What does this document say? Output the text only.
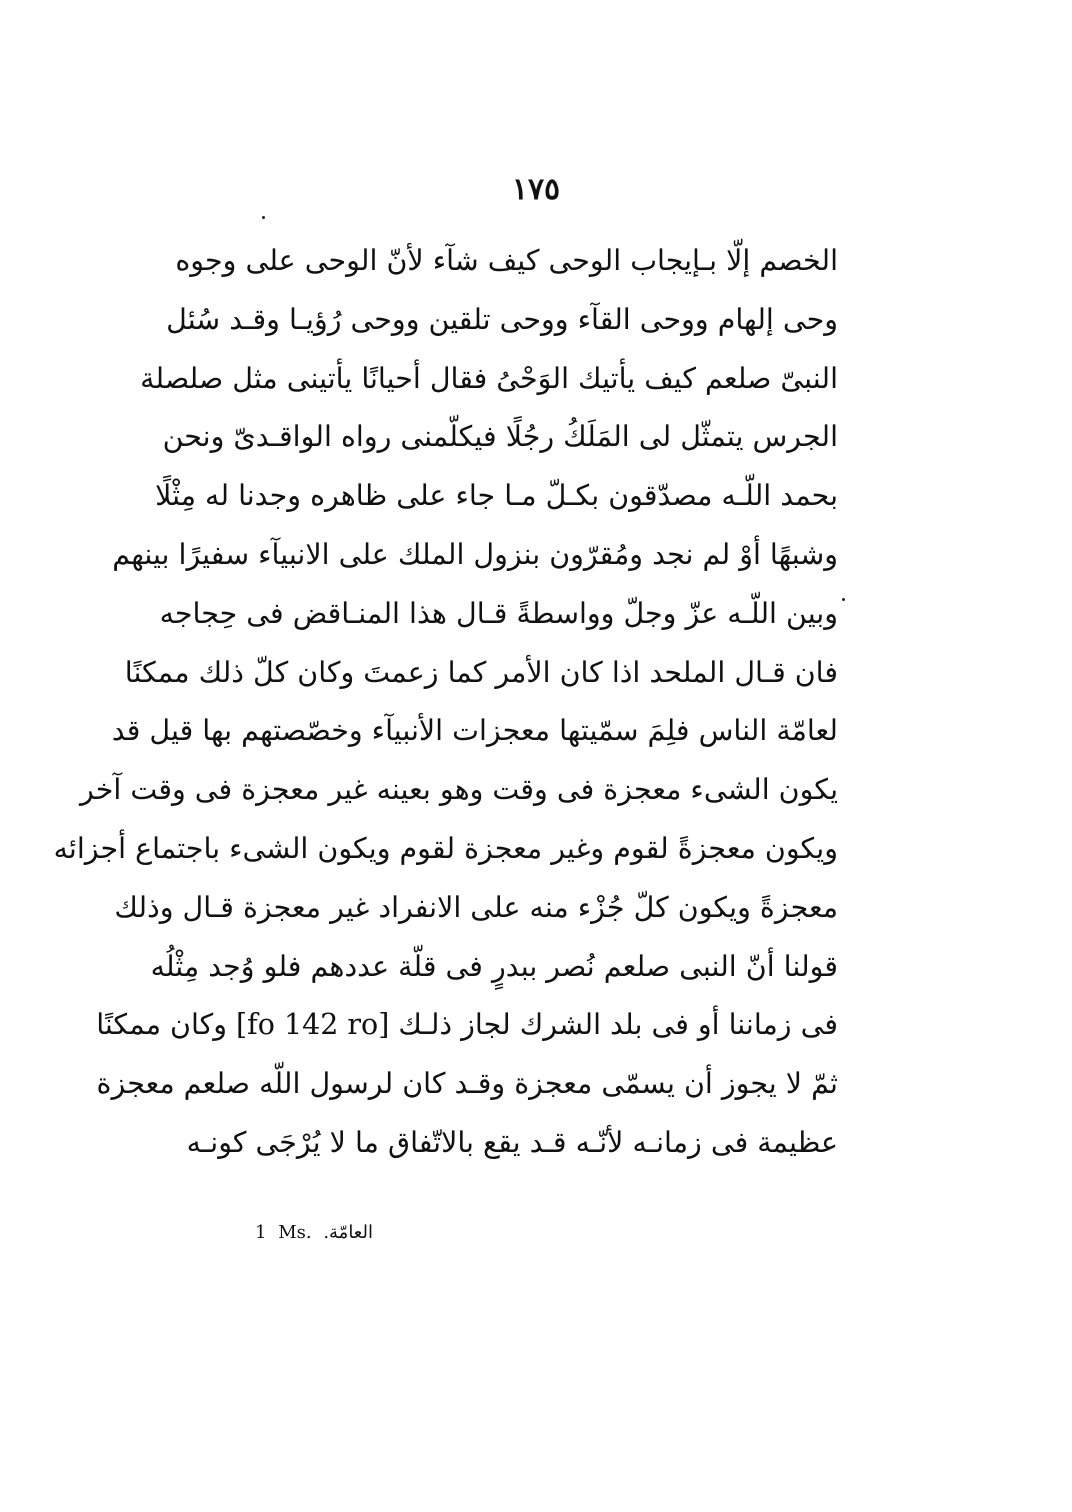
١٧٥
الخصم إلّا بـإيجاب الوحى كيف شآء لأنّ الوحى على وجوه
وحى إلهام ووحى القآء ووحى تلقين ووحى رُؤيـا وقـد سُئل
النبىّ صلعم كيف يأتيك الوَحْىُ فقال أحيانًا يأتينى مثل صلصلة
الجرس يتمثّل لى المَلَكُ رجُلًا فيكلّمنى رواه الواقـدىّ ونحن
بحمد اللّـه مصدّقون بكـلّ مـا جاء على ظاهره وجدنا له مِثْلًا
وشبهًا أوْ لم نجد ومُقرّون بنزول الملك على الانبيآء سفيرًا بينهم
وبين اللّـه عزّ وجلّ وواسطةً قـال هذا المنـاقض فى حِجاجه
فان قـال الملحد اذا كان الأمر كما زعمتَ وكان كلّ ذلك ممكنًا
لعامّة الناس فلِمَ سمّيتها معجزات الأنبيآء وخصّصتهم بها قيل قد
يكون الشىء معجزة فى وقت وهو بعينه غير معجزة فى وقت آخر
ويكون معجزةً لقوم وغير معجزة لقوم ويكون الشىء باجتماع أجزائه
معجزةً ويكون كلّ جُزْء منه على الانفراد غير معجزة قـال وذلك
قولنا أنّ النبى صلعم نُصر ببدرٍ فى قلّة عددهم فلو وُجد مِثْلُه
فى زماننا أو فى بلد الشرك لجاز ذلـك [fo 142 ro] وكان ممكنًا
ثمّ لا يجوز أن يسمّى معجزة وقـد كان لرسول اللّه صلعم معجزة
عظيمة فى زمانـه لأنّـه قـد يقع بالاتّفاق ما لا يُرْجَى كونـه
1 Ms. العامّة.
